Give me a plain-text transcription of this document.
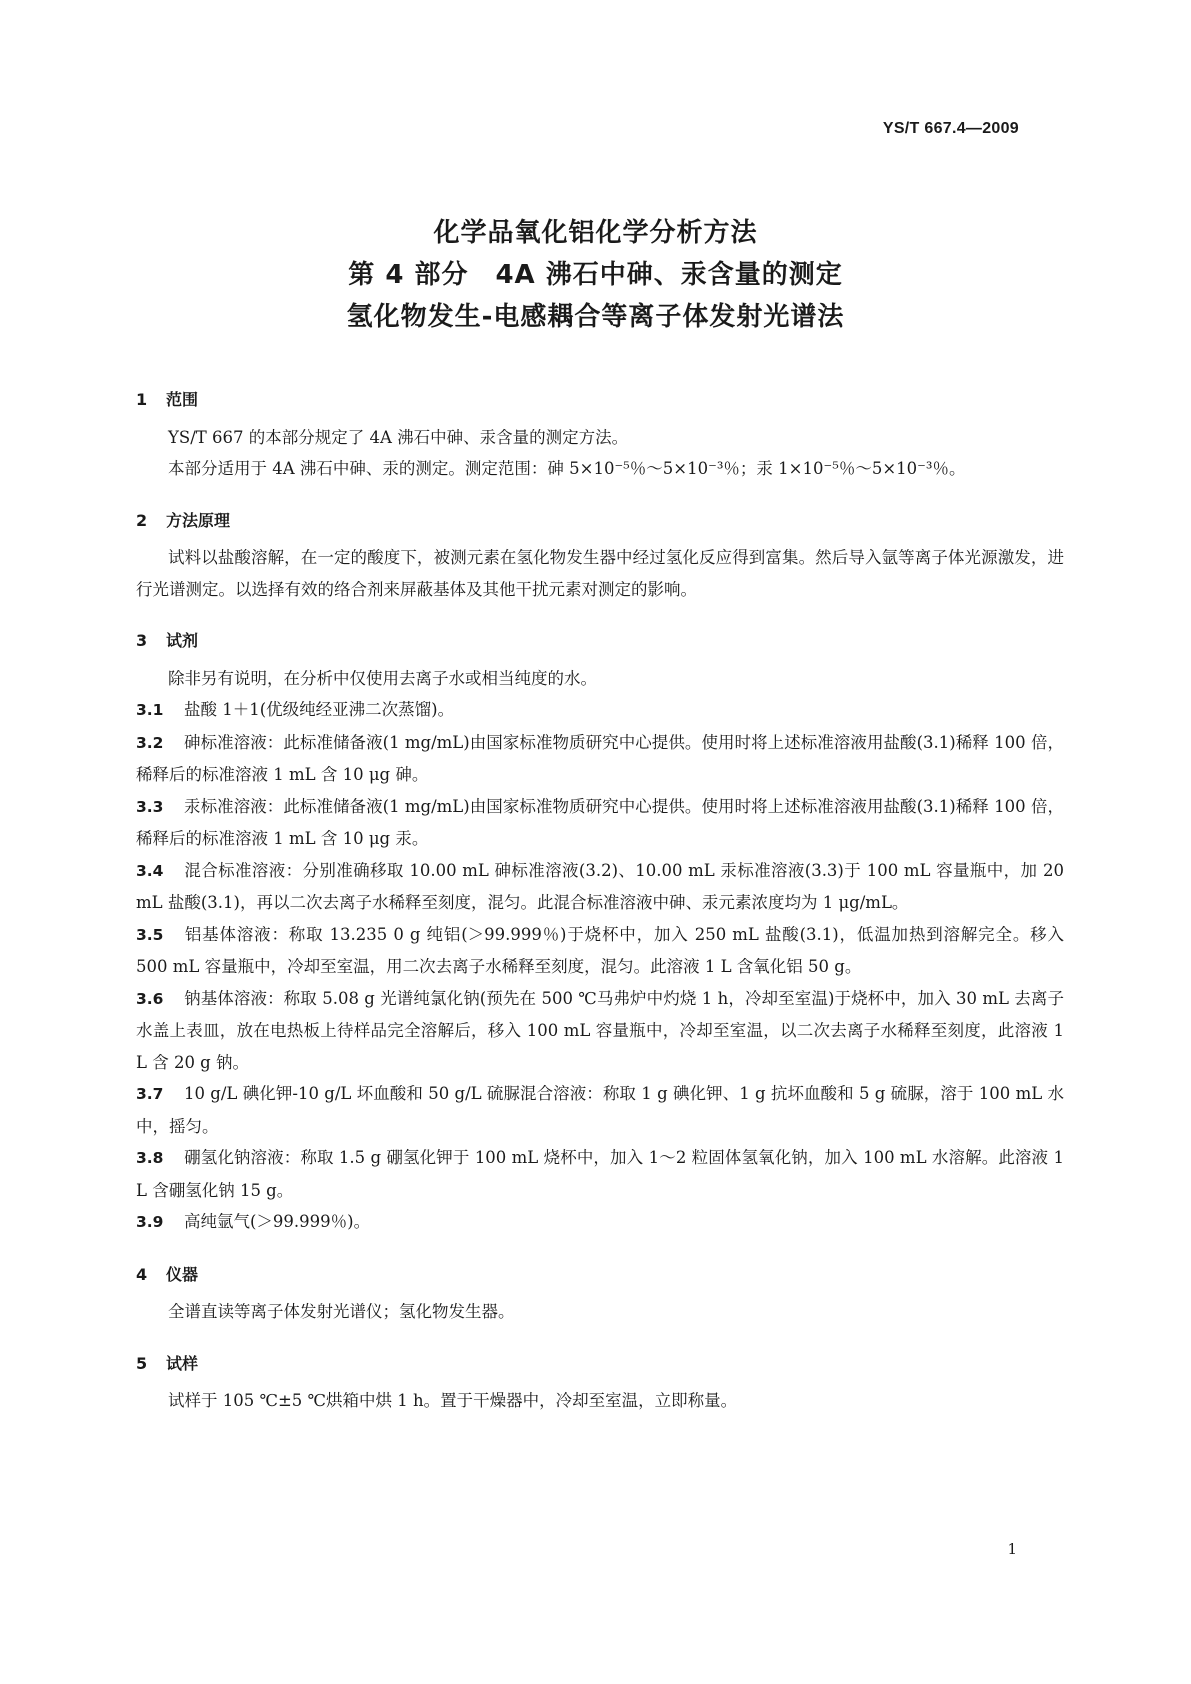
YS/T 667.4—2009
化学品氧化铝化学分析方法
第 4 部分　4A 沸石中砷、汞含量的测定
氢化物发生-电感耦合等离子体发射光谱法
1 范围

YS/T 667 的本部分规定了 4A 沸石中砷、汞含量的测定方法。

本部分适用于 4A 沸石中砷、汞的测定。测定范围：砷 5×10⁻⁵％～5×10⁻³％；汞 1×10⁻⁵％～5×10⁻³％。

2 方法原理

试料以盐酸溶解，在一定的酸度下，被测元素在氢化物发生器中经过氢化反应得到富集。然后导入氩等离子体光源激发，进行光谱测定。以选择有效的络合剂来屏蔽基体及其他干扰元素对测定的影响。

3 试剂

除非另有说明，在分析中仅使用去离子水或相当纯度的水。

3.1 盐酸 1＋1(优级纯经亚沸二次蒸馏)。

3.2 砷标准溶液：此标准储备液(1 mg/mL)由国家标准物质研究中心提供。使用时将上述标准溶液用盐酸(3.1)稀释 100 倍，稀释后的标准溶液 1 mL 含 10 μg 砷。

3.3 汞标准溶液：此标准储备液(1 mg/mL)由国家标准物质研究中心提供。使用时将上述标准溶液用盐酸(3.1)稀释 100 倍，稀释后的标准溶液 1 mL 含 10 μg 汞。

3.4 混合标准溶液：分别准确移取 10.00 mL 砷标准溶液(3.2)、10.00 mL 汞标准溶液(3.3)于 100 mL 容量瓶中，加 20 mL 盐酸(3.1)，再以二次去离子水稀释至刻度，混匀。此混合标准溶液中砷、汞元素浓度均为 1 μg/mL。

3.5 铝基体溶液：称取 13.235 0 g 纯铝(＞99.999％)于烧杯中，加入 250 mL 盐酸(3.1)，低温加热到溶解完全。移入 500 mL 容量瓶中，冷却至室温，用二次去离子水稀释至刻度，混匀。此溶液 1 L 含氧化铝 50 g。

3.6 钠基体溶液：称取 5.08 g 光谱纯氯化钠(预先在 500 ℃马弗炉中灼烧 1 h，冷却至室温)于烧杯中，加入 30 mL 去离子水盖上表皿，放在电热板上待样品完全溶解后，移入 100 mL 容量瓶中，冷却至室温，以二次去离子水稀释至刻度，此溶液 1 L 含 20 g 钠。

3.7 10 g/L 碘化钾-10 g/L 坏血酸和 50 g/L 硫脲混合溶液：称取 1 g 碘化钾、1 g 抗坏血酸和 5 g 硫脲，溶于 100 mL 水中，摇匀。

3.8 硼氢化钠溶液：称取 1.5 g 硼氢化钾于 100 mL 烧杯中，加入 1～2 粒固体氢氧化钠，加入 100 mL 水溶解。此溶液 1 L 含硼氢化钠 15 g。

3.9 高纯氩气(＞99.999％)。

4 仪器

全谱直读等离子体发射光谱仪；氢化物发生器。

5 试样

试样于 105 ℃±5 ℃烘箱中烘 1 h。置于干燥器中，冷却至室温，立即称量。

1
